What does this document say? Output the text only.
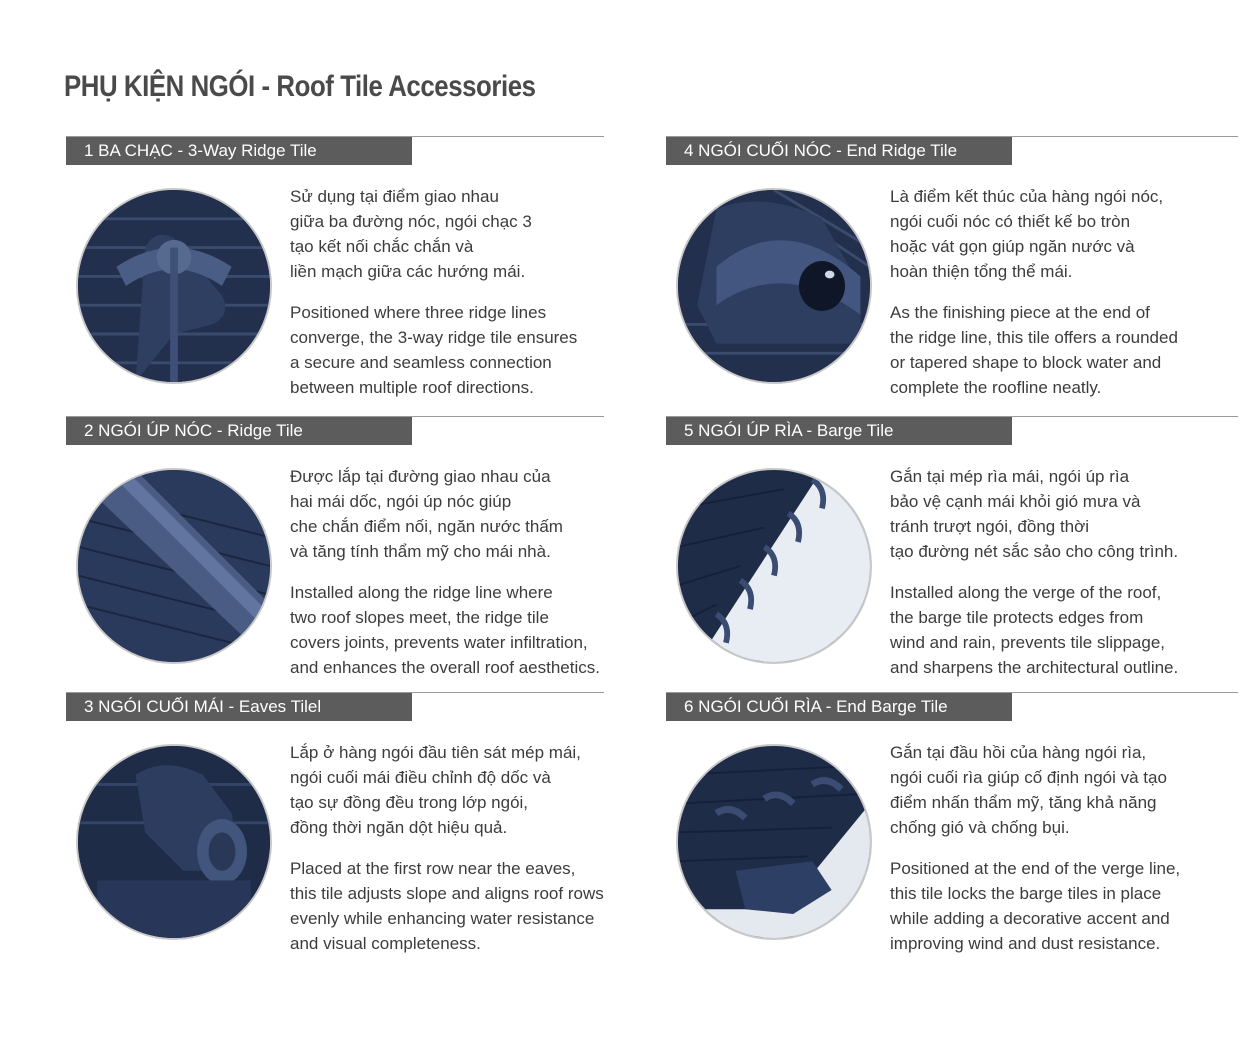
PHỤ KIỆN NGÓI - Roof Tile Accessories
1 BA CHẠC - 3-Way Ridge Tile

Sử dụng tại điểm giao nhau
giữa ba đường nóc, ngói chạc 3
tạo kết nối chắc chắn và
liền mạch giữa các hướng mái.

Positioned where three ridge lines
converge, the 3-way ridge tile ensures
a secure and seamless connection
between multiple roof directions.

2 NGÓI ÚP NÓC - Ridge Tile

Được lắp tại đường giao nhau của
hai mái dốc, ngói úp nóc giúp
che chắn điểm nối, ngăn nước thấm
và tăng tính thẩm mỹ cho mái nhà.

Installed along the ridge line where
two roof slopes meet, the ridge tile
covers joints, prevents water infiltration,
and enhances the overall roof aesthetics.

3 NGÓI CUỐI MÁI - Eaves Tilel

Lắp ở hàng ngói đầu tiên sát mép mái,
ngói cuối mái điều chỉnh độ dốc và
tạo sự đồng đều trong lớp ngói,
đồng thời ngăn dột hiệu quả.

Placed at the first row near the eaves,
this tile adjusts slope and aligns roof rows
evenly while enhancing water resistance
and visual completeness.

4 NGÓI CUỐI NÓC - End Ridge Tile

Là điểm kết thúc của hàng ngói nóc,
ngói cuối nóc có thiết kế bo tròn
hoặc vát gọn giúp ngăn nước và
hoàn thiện tổng thể mái.

As the finishing piece at the end of
the ridge line, this tile offers a rounded
or tapered shape to block water and
complete the roofline neatly.

5 NGÓI ÚP RÌA - Barge Tile

Gắn tại mép rìa mái, ngói úp rìa
bảo vệ cạnh mái khỏi gió mưa và
tránh trượt ngói, đồng thời
tạo đường nét sắc sảo cho công trình.

Installed along the verge of the roof,
the barge tile protects edges from
wind and rain, prevents tile slippage,
and sharpens the architectural outline.

6 NGÓI CUỐI RÌA - End Barge Tile

Gắn tại đầu hồi của hàng ngói rìa,
ngói cuối rìa giúp cố định ngói và tạo
điểm nhấn thẩm mỹ, tăng khả năng
chống gió và chống bụi.

Positioned at the end of the verge line,
this tile locks the barge tiles in place
while adding a decorative accent and
improving wind and dust resistance.
